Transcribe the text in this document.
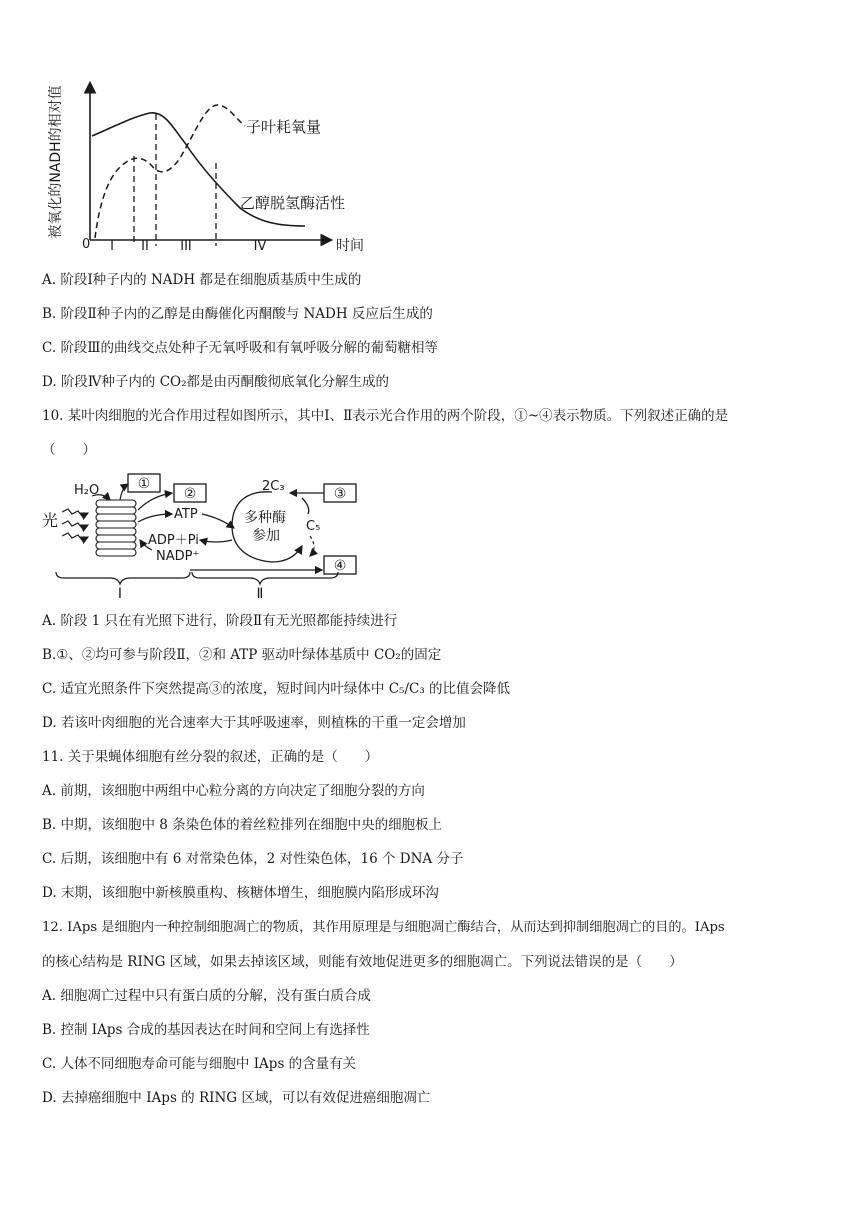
被氧化的NADH的相对值
0	时间
I II III	IV
子叶耗氧量
乙醇脱氢酶活性
A. 阶段Ⅰ种子内的 NADH 都是在细胞质基质中生成的
B. 阶段Ⅱ种子内的乙醇是由酶催化丙酮酸与 NADH 反应后生成的
C. 阶段Ⅲ的曲线交点处种子无氧呼吸和有氧呼吸分解的葡萄糖相等
D. 阶段Ⅳ种子内的 CO₂都是由丙酮酸彻底氧化分解生成的
10. 某叶肉细胞的光合作用过程如图所示，其中Ⅰ、Ⅱ表示光合作用的两个阶段，①~④表示物质。下列叙述正确的是
（　　）
光
H₂O	①
②
ATP
ADP＋Pi
NADP⁺
多种酶
参加
2C₃
C₅
③
④
Ⅰ	Ⅱ
A. 阶段 1 只在有光照下进行，阶段Ⅱ有无光照都能持续进行
B.①、②均可参与阶段Ⅱ，②和 ATP 驱动叶绿体基质中 CO₂的固定
C. 适宜光照条件下突然提高③的浓度，短时间内叶绿体中 C₅/C₃ 的比值会降低
D. 若该叶肉细胞的光合速率大于其呼吸速率，则植株的干重一定会增加
11. 关于果蝇体细胞有丝分裂的叙述，正确的是（　　）
A. 前期，该细胞中两组中心粒分离的方向决定了细胞分裂的方向
B. 中期，该细胞中 8 条染色体的着丝粒排列在细胞中央的细胞板上
C. 后期，该细胞中有 6 对常染色体，2 对性染色体，16 个 DNA 分子
D. 末期，该细胞中新核膜重构、核糖体增生，细胞膜内陷形成环沟
12. IAps 是细胞内一种控制细胞凋亡的物质，其作用原理是与细胞凋亡酶结合，从而达到抑制细胞凋亡的目的。IAps
的核心结构是 RING 区域，如果去掉该区域，则能有效地促进更多的细胞凋亡。下列说法错误的是（　　）
A. 细胞凋亡过程中只有蛋白质的分解，没有蛋白质合成
B. 控制 IAps 合成的基因表达在时间和空间上有选择性
C. 人体不同细胞寿命可能与细胞中 IAps 的含量有关
D. 去掉癌细胞中 IAps 的 RING 区域，可以有效促进癌细胞凋亡
